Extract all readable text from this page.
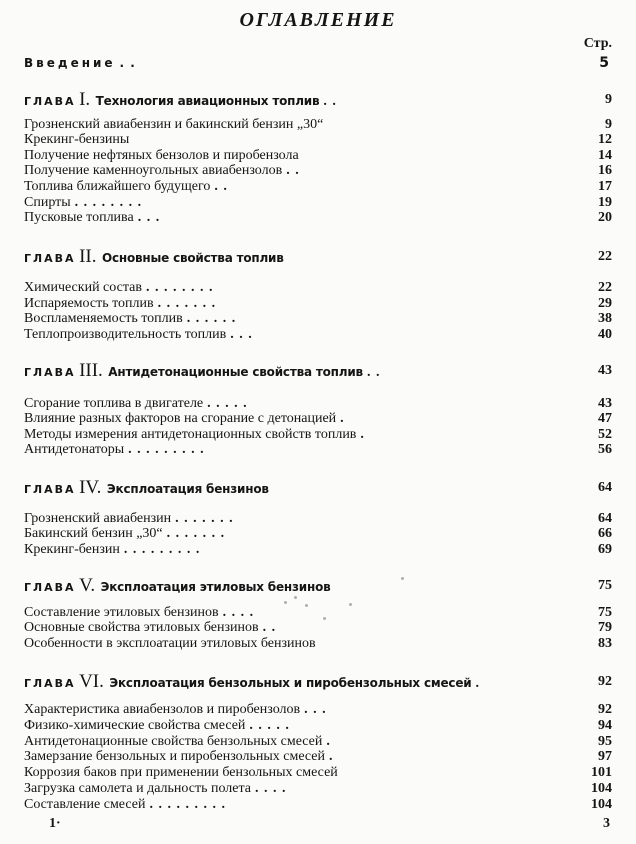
ОГЛАВЛЕНИЕ
Стр.
Введение . .	5
ГЛАВА I. Технология авиационных топлив . .	9
Грозненский авиабензин и бакинский бензин „30“	9
Крекинг-бензины	12
Получение нефтяных бензолов и пиробензола	14
Получение каменноугольных авиабензолов . .	16
Топлива ближайшего будущего . .	17
Спирты . . . . . . . .	19
Пусковые топлива . . .	20
ГЛАВА II. Основные свойства топлив	22
Химический состав . . . . . . . .	22
Испаряемость топлив . . . . . . .	29
Воспламеняемость топлив . . . . . .	38
Теплопроизводительность топлив . . .	40
ГЛАВА III. Антидетонационные свойства топлив . .	43
Сгорание топлива в двигателе . . . . .	43
Влияние разных факторов на сгорание с детонацией .	47
Методы измерения антидетонационных свойств топлив .	52
Антидетонаторы . . . . . . . . .	56
ГЛАВА IV. Эксплоатация бензинов	64
Грозненский авиабензин . . . . . . .	64
Бакинский бензин „30“ . . . . . . .	66
Крекинг-бензин . . . . . . . . .	69
ГЛАВА V. Эксплоатация этиловых бензинов	75
Составление этиловых бензинов . . . .	75
Основные свойства этиловых бензинов . .	79
Особенности в эксплоатации этиловых бензинов	83
ГЛАВА VI. Эксплоатация бензольных и пиробензольных смесей .	92
Характеристика авиабензолов и пиробензолов . . .	92
Физико-химические свойства смесей . . . . .	94
Антидетонационные свойства бензольных смесей .	95
Замерзание бензольных и пиробензольных смесей .	97
Коррозия баков при применении бензольных смесей	101
Загрузка самолета и дальность полета . . . .	104
Составление смесей . . . . . . . . .	104
1·	3
